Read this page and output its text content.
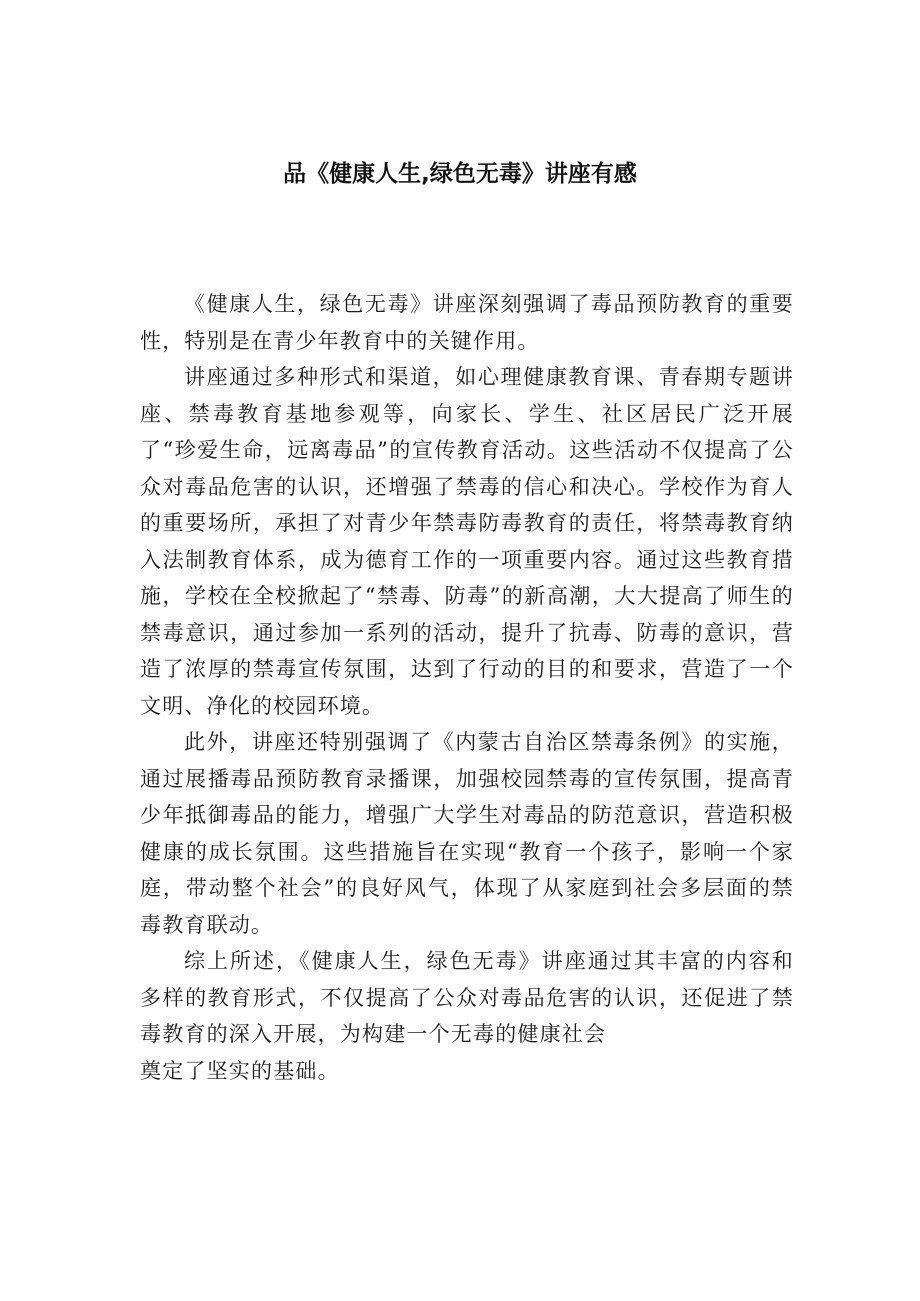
品《健康人生,绿色无毒》讲座有感

《健康人生，绿色无毒》讲座深刻强调了毒品预防教育的重要性，特别是在青少年教育中的关键作用。

讲座通过多种形式和渠道，如心理健康教育课、青春期专题讲座、禁毒教育基地参观等，向家长、学生、社区居民广泛开展了“珍爱生命，远离毒品”的宣传教育活动。这些活动不仅提高了公众对毒品危害的认识，还增强了禁毒的信心和决心。学校作为育人的重要场所，承担了对青少年禁毒防毒教育的责任，将禁毒教育纳入法制教育体系，成为德育工作的一项重要内容。通过这些教育措施，学校在全校掀起了“禁毒、防毒”的新高潮，大大提高了师生的禁毒意识，通过参加一系列的活动，提升了抗毒、防毒的意识，营造了浓厚的禁毒宣传氛围，达到了行动的目的和要求，营造了一个文明、净化的校园环境。

此外，讲座还特别强调了《内蒙古自治区禁毒条例》的实施，通过展播毒品预防教育录播课，加强校园禁毒的宣传氛围，提高青少年抵御毒品的能力，增强广大学生对毒品的防范意识，营造积极健康的成长氛围。这些措施旨在实现“教育一个孩子，影响一个家庭，带动整个社会”的良好风气，体现了从家庭到社会多层面的禁毒教育联动。

综上所述，《健康人生，绿色无毒》讲座通过其丰富的内容和多样的教育形式，不仅提高了公众对毒品危害的认识，还促进了禁毒教育的深入开展，为构建一个无毒的健康社会

奠定了坚实的基础。
